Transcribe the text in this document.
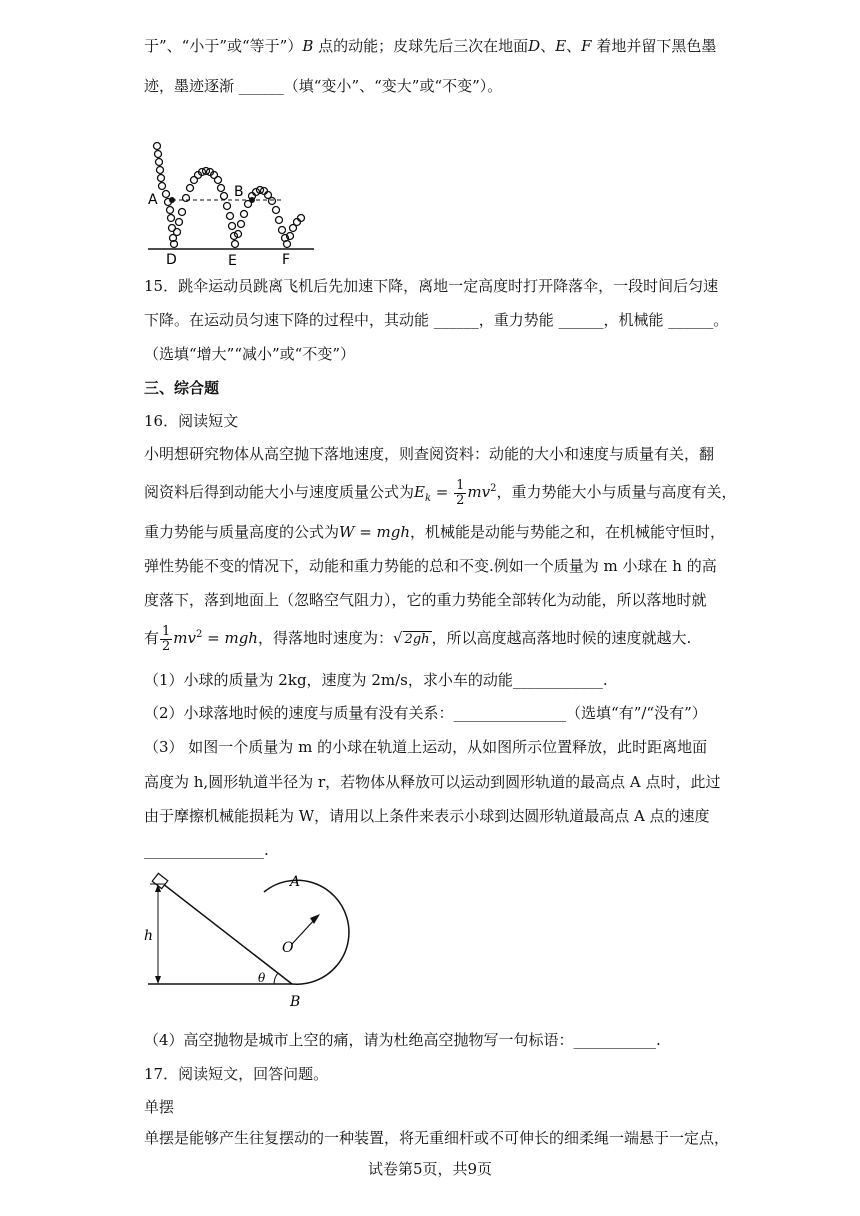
于”、“小于”或“等于”）B 点的动能；皮球先后三次在地面D、E、F 着地并留下黑色墨
迹，墨迹逐渐 ______（填“变小”、“变大”或“不变”）。
A	B
D	E	F
15．跳伞运动员跳离飞机后先加速下降，离地一定高度时打开降落伞，一段时间后匀速
下降。在运动员匀速下降的过程中，其动能 ______，重力势能 ______，机械能 ______。
（选填“增大”“减小”或“不变”）
三、综合题
16．阅读短文
小明想研究物体从高空抛下落地速度，则查阅资料：动能的大小和速度与质量有关，翻
阅资料后得到动能大小与速度质量公式为$E_k = \frac{1}{2} mv^2$，重力势能大小与质量与高度有关，
重力势能与质量高度的公式为W = mgh，机械能是动能与势能之和，在机械能守恒时，
弹性势能不变的情况下，动能和重力势能的总和不变.例如一个质量为 m 小球在 h 的高
度落下，落到地面上（忽略空气阻力），它的重力势能全部转化为动能，所以落地时就
有 $\frac{1}{2} mv^2$ = mgh，得落地时速度为：√ 2gh ，所以高度越高落地时候的速度就越大.
（1）小球的质量为 2kg，速度为 2m/s，求小车的动能____________.
（2）小球落地时候的速度与质量有没有关系：_______________（选填“有”/“没有”）
（3） 如图一个质量为 m 的小球在轨道上运动，从如图所示位置释放，此时距离地面
高度为 h,圆形轨道半径为 r，若物体从释放可以运动到圆形轨道的最高点 A 点时，此过
由于摩擦机械能损耗为 W，请用以上条件来表示小球到达圆形轨道最高点 A 点的速度
________________.
h
O
A
θ
B
（4）高空抛物是城市上空的痛，请为杜绝高空抛物写一句标语：___________.
17．阅读短文，回答问题。
单摆
单摆是能够产生往复摆动的一种装置，将无重细杆或不可伸长的细柔绳一端悬于一定点，
试卷第5页，共9页
